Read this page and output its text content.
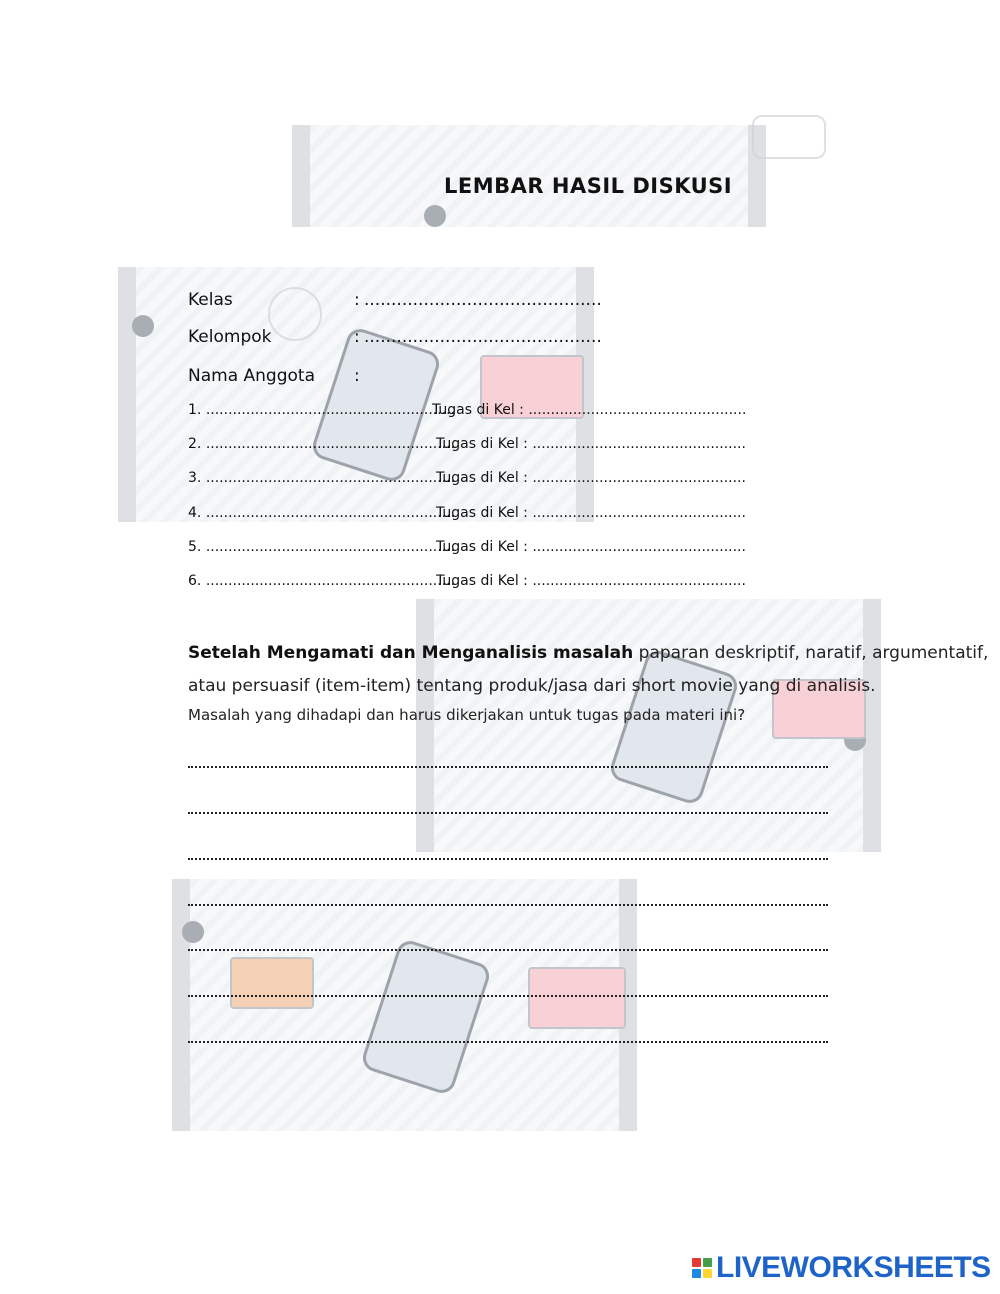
LEMBAR HASIL DISKUSI
Kelas	: ............................................
Kelompok	: ............................................
Nama Anggota :
1. ........................................................
Tugas di Kel : .................................................
2. ........................................................
Tugas di Kel : ................................................
3. ........................................................
Tugas di Kel : ................................................
4. ........................................................
Tugas di Kel : ................................................
5. ........................................................
Tugas di Kel : ................................................
6. ........................................................
Tugas di Kel : ................................................
Setelah Mengamati dan Menganalisis masalah paparan deskriptif, naratif, argumentatif,
atau persuasif (item-item) tentang produk/jasa dari short movie yang di analisis.
Masalah yang dihadapi dan harus dikerjakan untuk tugas pada materi ini?
LIVEWORKSHEETS
